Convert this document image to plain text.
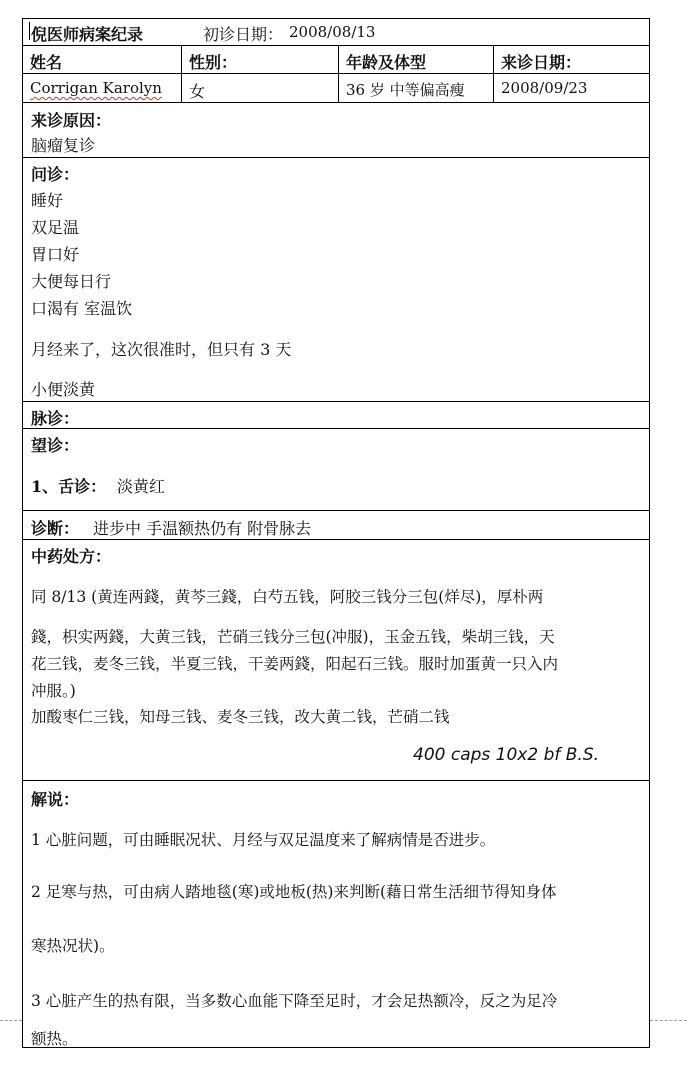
倪医师病案纪录	初诊日期： 2008/08/13
姓名	性别：	年龄及体型	来诊日期：
Corrigan Karolyn 女	36 岁 中等偏高瘦 2008/09/23
来诊原因：
脑瘤复诊
问诊：
睡好
双足温
胃口好
大便每日行
口渴有 室温饮
月经来了，这次很准时，但只有 3 天
小便淡黄
脉诊：
望诊：
1、舌诊： 淡黄红
诊断： 进步中 手温额热仍有 附骨脉去
中药处方：
同 8/13 (黄连两錢，黄芩三錢，白芍五钱，阿胶三钱分三包(烊尽)，厚朴两
錢，枳实两錢，大黄三钱，芒硝三钱分三包(冲服)，玉金五钱，柴胡三钱，天
花三钱，麦冬三钱，半夏三钱，干姜两錢，阳起石三钱。服时加蛋黄一只入内
冲服。)
加酸枣仁三钱，知母三钱、麦冬三钱，改大黄二钱，芒硝二钱
400 caps 10x2 bf B.S.
解说：
1 心脏问题，可由睡眠况状、月经与双足温度来了解病情是否进步。
2 足寒与热，可由病人踏地毯(寒)或地板(热)来判断(藉日常生活细节得知身体
寒热况状)。
3 心脏产生的热有限，当多数心血能下降至足时，才会足热额冷，反之为足冷
额热。
